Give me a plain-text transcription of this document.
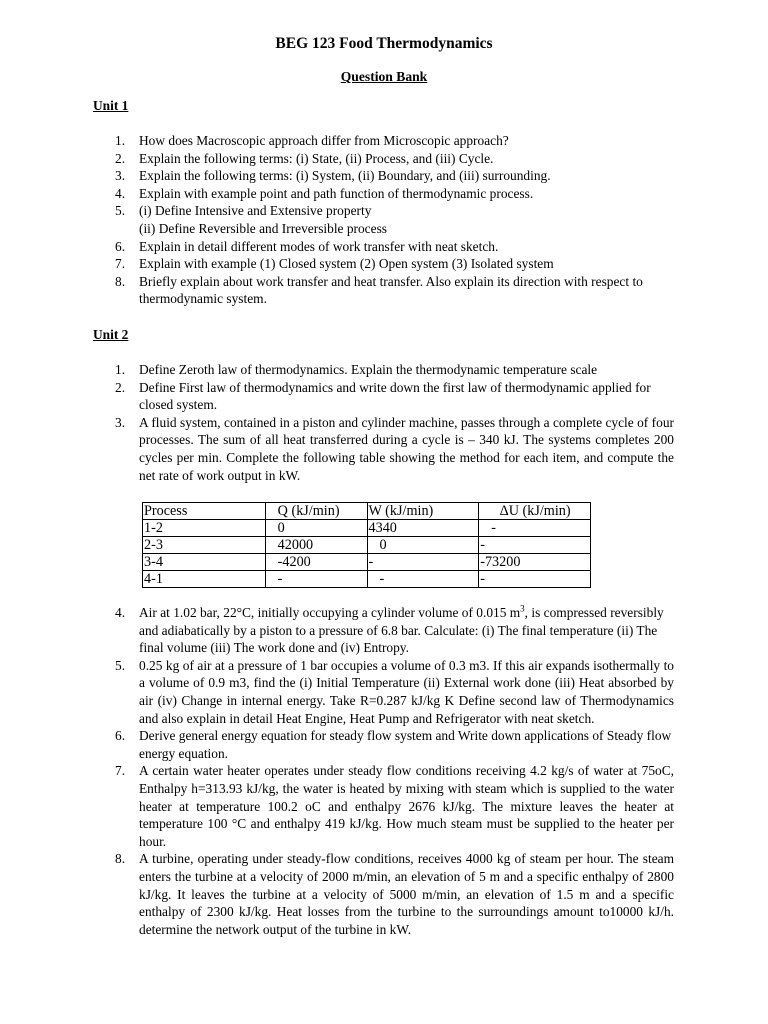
BEG 123 Food Thermodynamics
Question Bank
Unit 1
1. How does Macroscopic approach differ from Microscopic approach?
2. Explain the following terms: (i) State, (ii) Process, and (iii) Cycle.
3. Explain the following terms: (i) System, (ii) Boundary, and (iii) surrounding.
4. Explain with example point and path function of thermodynamic process.
5. (i) Define Intensive and Extensive property
(ii) Define Reversible and Irreversible process
6. Explain in detail different modes of work transfer with neat sketch.
7. Explain with example (1) Closed system (2) Open system (3) Isolated system
8. Briefly explain about work transfer and heat transfer. Also explain its direction with respect to thermodynamic system.
Unit 2
1. Define Zeroth law of thermodynamics. Explain the thermodynamic temperature scale
2. Define First law of thermodynamics and write down the first law of thermodynamic applied for closed system.
3. A fluid system, contained in a piston and cylinder machine, passes through a complete cycle of four processes. The sum of all heat transferred during a cycle is – 340 kJ. The systems completes 200 cycles per min. Complete the following table showing the method for each item, and compute the net rate of work output in kW.
Process	Q (kJ/min)	W (kJ/min)	ΔU (kJ/min)
1-2	0	4340	-
2-3	42000	0	-
3-4	-4200	-	-73200
4-1	-	-	-
4. Air at 1.02 bar, 22°C, initially occupying a cylinder volume of 0.015 $m^3$, is compressed reversibly and adiabatically by a piston to a pressure of 6.8 bar. Calculate: (i) The final temperature (ii) The final volume (iii) The work done and (iv) Entropy.
5. 0.25 kg of air at a pressure of 1 bar occupies a volume of 0.3 m3. If this air expands isothermally to a volume of 0.9 m3, find the (i) Initial Temperature (ii) External work done (iii) Heat absorbed by air (iv) Change in internal energy. Take R=0.287 kJ/kg K Define second law of Thermodynamics and also explain in detail Heat Engine, Heat Pump and Refrigerator with neat sketch.
6. Derive general energy equation for steady flow system and Write down applications of Steady flow energy equation.
7. A certain water heater operates under steady flow conditions receiving 4.2 kg/s of water at 75oC, Enthalpy h=313.93 kJ/kg, the water is heated by mixing with steam which is supplied to the water heater at temperature 100.2 oC and enthalpy 2676 kJ/kg. The mixture leaves the heater at temperature 100 °C and enthalpy 419 kJ/kg. How much steam must be supplied to the heater per hour.
8. A turbine, operating under steady-flow conditions, receives 4000 kg of steam per hour. The steam enters the turbine at a velocity of 2000 m/min, an elevation of 5 m and a specific enthalpy of 2800 kJ/kg. It leaves the turbine at a velocity of 5000 m/min, an elevation of 1.5 m and a specific enthalpy of 2300 kJ/kg. Heat losses from the turbine to the surroundings amount to10000 kJ/h. determine the network output of the turbine in kW.
